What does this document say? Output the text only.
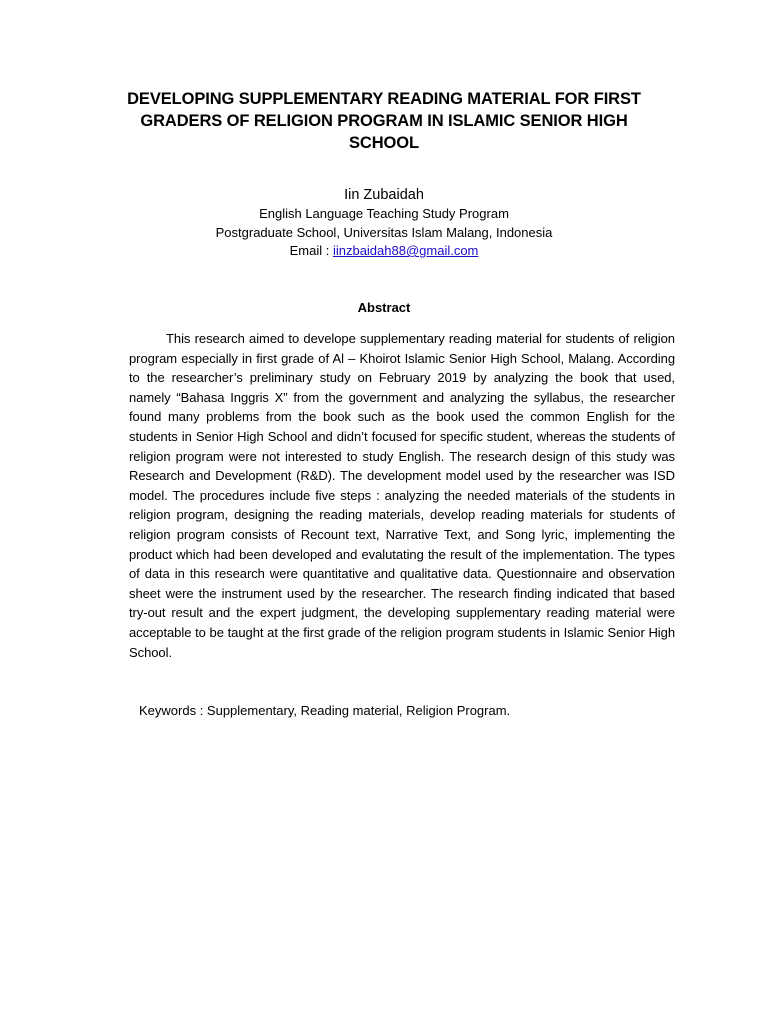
DEVELOPING SUPPLEMENTARY READING MATERIAL FOR FIRST GRADERS OF RELIGION PROGRAM IN ISLAMIC SENIOR HIGH SCHOOL
Iin Zubaidah
English Language Teaching Study Program
Postgraduate School, Universitas Islam Malang, Indonesia
Email : iinzbaidah88@gmail.com
Abstract

This research aimed to develope supplementary reading material for students of religion program especially in first grade of Al – Khoirot Islamic Senior High School, Malang. According to the researcher’s preliminary study on February 2019 by analyzing the book that used, namely “Bahasa Inggris X” from the government and analyzing the syllabus, the researcher found many problems from the book such as the book used the common English for the students in Senior High School and didn’t focused for specific student, whereas the students of religion program were not interested to study English. The research design of this study was Research and Development (R&D). The development model used by the researcher was ISD model. The procedures include five steps : analyzing the needed materials of the students in religion program, designing the reading materials, develop reading materials for students of religion program consists of Recount text, Narrative Text, and Song lyric, implementing the product which had been developed and evalutating the result of the implementation. The types of data in this research were quantitative and qualitative data. Questionnaire and observation sheet were the instrument used by the researcher. The research finding indicated that based try-out result and the expert judgment, the developing supplementary reading material were acceptable to be taught at the first grade of the religion program students in Islamic Senior High School.

Keywords : Supplementary, Reading material, Religion Program.
